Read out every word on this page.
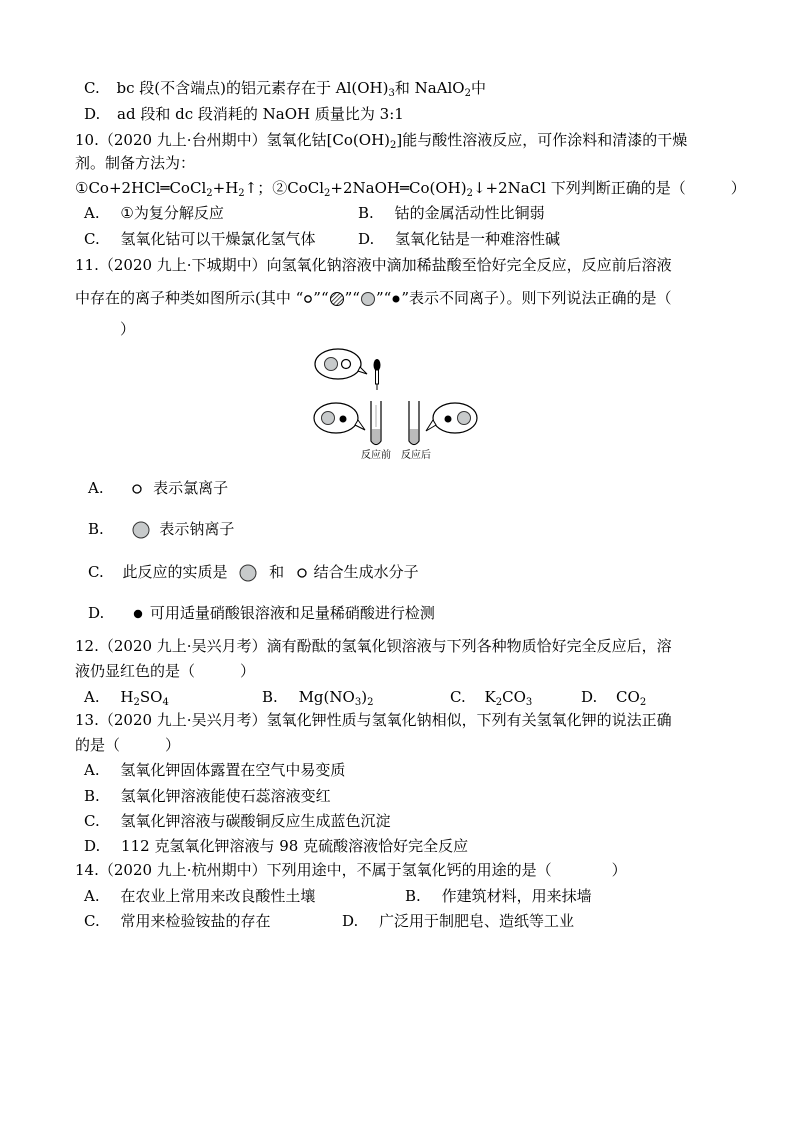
C. bc 段(不含端点)的铝元素存在于 $Al(OH)_3$和 NaAlO$_2$中
D. ad 段和 dc 段消耗的 NaOH 质量比为 3:1
10.（2020 九上·台州期中）氢氧化钴$[Co(OH)_2]$能与酸性溶液反应，可作涂料和清漆的干燥
剂。制备方法为：
$①Co+2HCl═CoCl_2+H_2↑$；$②CoCl_2+2NaOH═Co(OH)_2↓+2NaCl$ 下列判断正确的是（　　　）
A. ①为复分解反应	B. 钴的金属活动性比铜弱
C. 氢氧化钴可以干燥氯化氢气体	D. 氢氧化钴是一种难溶性碱
11.（2020 九上·下城期中）向氢氧化钠溶液中滴加稀盐酸至恰好完全反应，反应前后溶液
中存在的离子种类如图所示(其中 “ ”“ ”“ ”“ ”表示不同离子）。则下列说法正确的是（
　　　）
反应前 反应后
A.	表示氯离子
B.	表示钠离子
C. 此反应的实质是	和 结合生成水分子
D.	可用适量硝酸银溶液和足量稀硝酸进行检测
12.（2020 九上·吴兴月考）滴有酚酞的氢氧化钡溶液与下列各种物质恰好完全反应后，溶
液仍显红色的是（　　　）
A. $H_2SO_4$	B. $Mg(NO_3)_2$	C. $K_2CO_3$	D. $CO_2$
13.（2020 九上·吴兴月考）氢氧化钾性质与氢氧化钠相似，下列有关氢氧化钾的说法正确
的是（　　　）
A. 氢氧化钾固体露置在空气中易变质
B. 氢氧化钾溶液能使石蕊溶液变红
C. 氢氧化钾溶液与碳酸铜反应生成蓝色沉淀
D. 112 克氢氧化钾溶液与 98 克硫酸溶液恰好完全反应
14.（2020 九上·杭州期中）下列用途中，不属于氢氧化钙的用途的是（　　　　）
A. 在农业上常用来改良酸性土壤	B. 作建筑材料，用来抹墙
C. 常用来检验铵盐的存在	D. 广泛用于制肥皂、造纸等工业
